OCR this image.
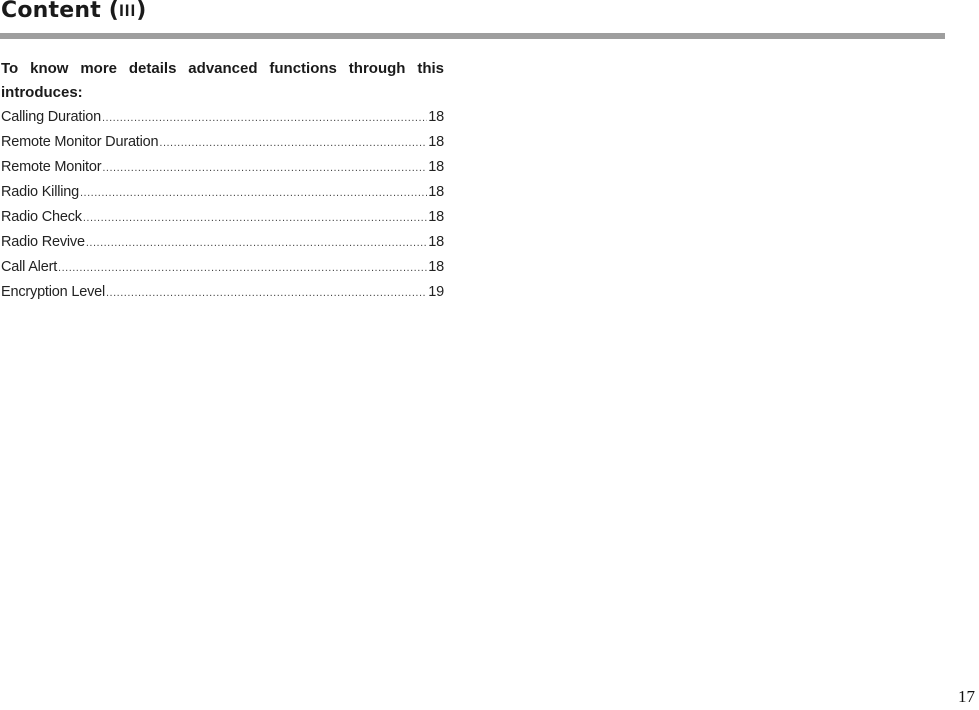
Content (III)
To know more details advanced functions through this introduces:
Calling Duration .....	18
Remote Monitor Duration .....	18
Remote Monitor .....	18
Radio Killing .....	18
Radio Check .....	18
Radio Revive .....	18
Call Alert .....	18
Encryption Level .....	19
17
